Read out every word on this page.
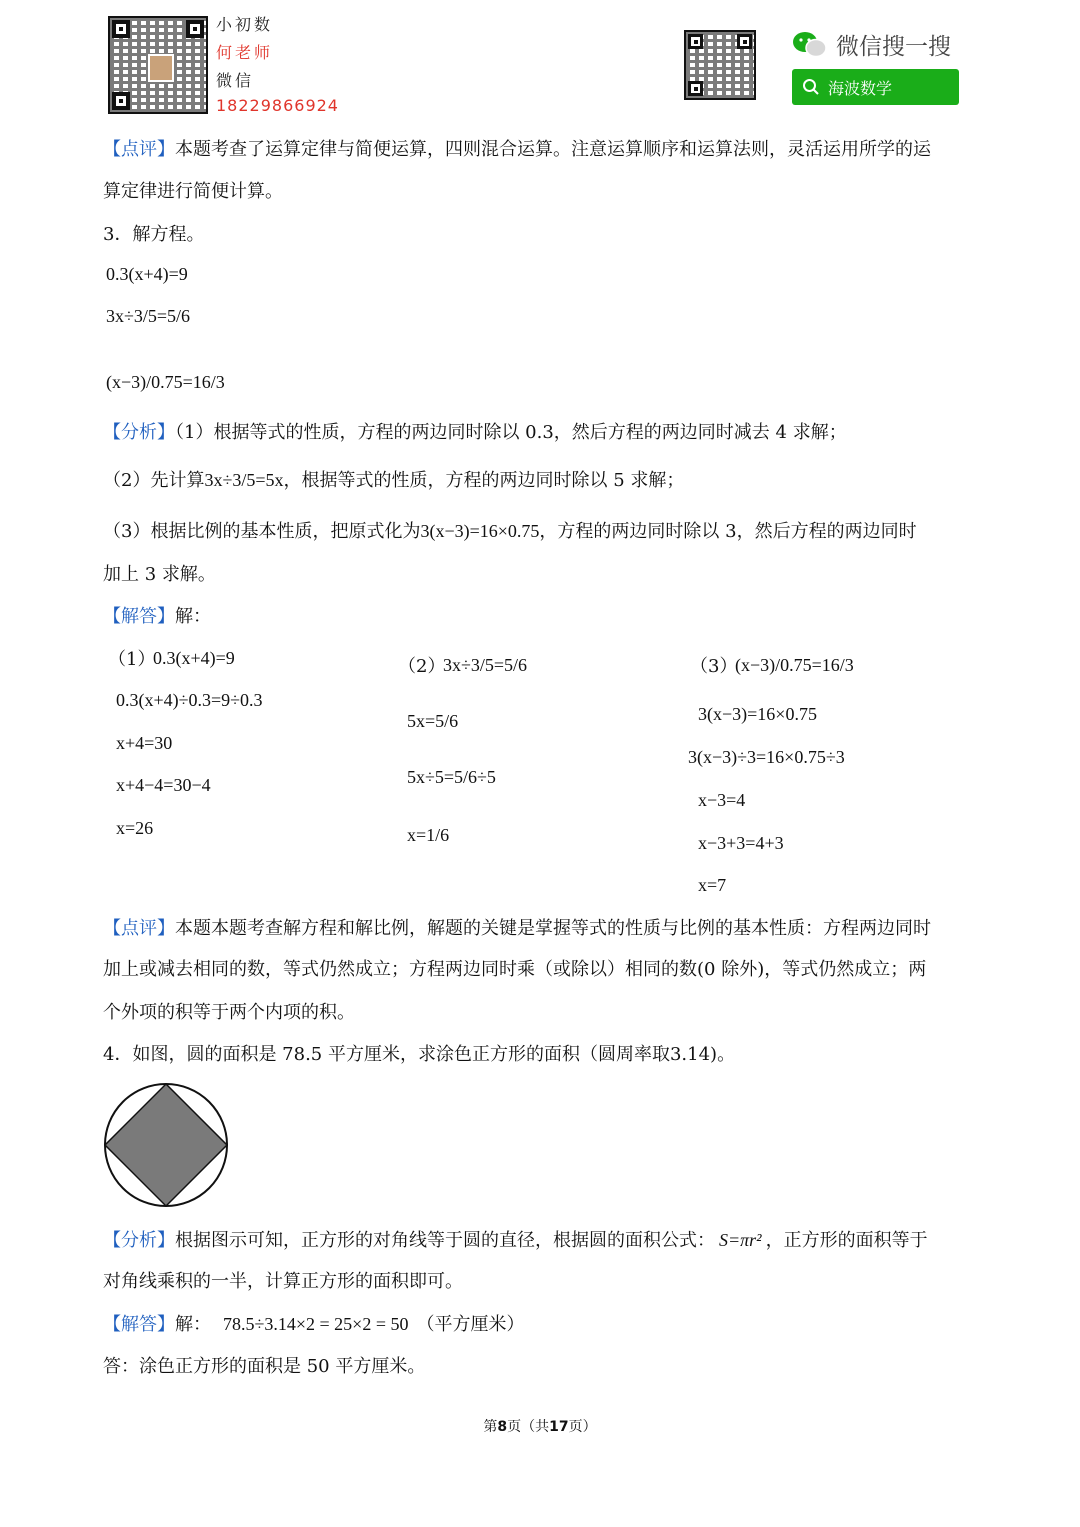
小初数
何老师
微信
18229866924
微信搜一搜
海波数学
【点评】本题考查了运算定律与简便运算，四则混合运算。注意运算顺序和运算法则，灵活运用所学的运
算定律进行简便计算。
3．解方程。
0.3(x+4)=9
3x÷3/5=5/6
(x−3)/0.75=16/3
【分析】（1）根据等式的性质，方程的两边同时除以 0.3，然后方程的两边同时减去 4 求解；
（2）先计算3x÷3/5=5x，根据等式的性质，方程的两边同时除以 5 求解；
（3）根据比例的基本性质，把原式化为3(x−3)=16×0.75，方程的两边同时除以 3，然后方程的两边同时
加上 3 求解。
【解答】解：
（1）
0.3(x+4)=9
0.3(x+4)÷0.3=9÷0.3
x+4=30
x+4−4=30−4
x=26
（2）
3x÷3/5=5/6
5x=5/6
5x÷5=5/6÷5
x=1/6
（3）
(x−3)/0.75=16/3
3(x−3)=16×0.75
3(x−3)÷3=16×0.75÷3
x−3=4
x−3+3=4+3
x=7
【点评】本题本题考查解方程和解比例，解题的关键是掌握等式的性质与比例的基本性质：方程两边同时
加上或减去相同的数，等式仍然成立；方程两边同时乘（或除以）相同的数(0 除外)，等式仍然成立；两
个外项的积等于两个内项的积。
4．如图，圆的面积是 78.5 平方厘米，求涂色正方形的面积（圆周率取3.14)。
【分析】根据图示可知，正方形的对角线等于圆的直径，根据圆的面积公式： S=πr² ，正方形的面积等于
对角线乘积的一半，计算正方形的面积即可。
【解答】解： 78.5÷3.14×2 = 25×2 = 50 （平方厘米）
答：涂色正方形的面积是 50 平方厘米。
第8页（共17页）
